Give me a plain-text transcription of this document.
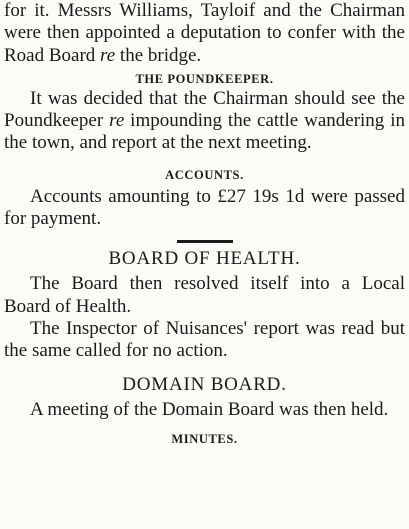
for it. Messrs Williams, Tayloif and the Chairman were then appointed a deputation to confer with the Road Board re the bridge.

THE POUNDKEEPER.

It was decided that the Chairman should see the Poundkeeper re impounding the cattle wandering in the town, and report at the next meeting.

ACCOUNTS.

Accounts amounting to £27 19s 1d were passed for payment.

BOARD OF HEALTH.

The Board then resolved itself into a Local Board of Health.

The Inspector of Nuisances' report was read but the same called for no action.

DOMAIN BOARD.

A meeting of the Domain Board was then held.

MINUTES.
